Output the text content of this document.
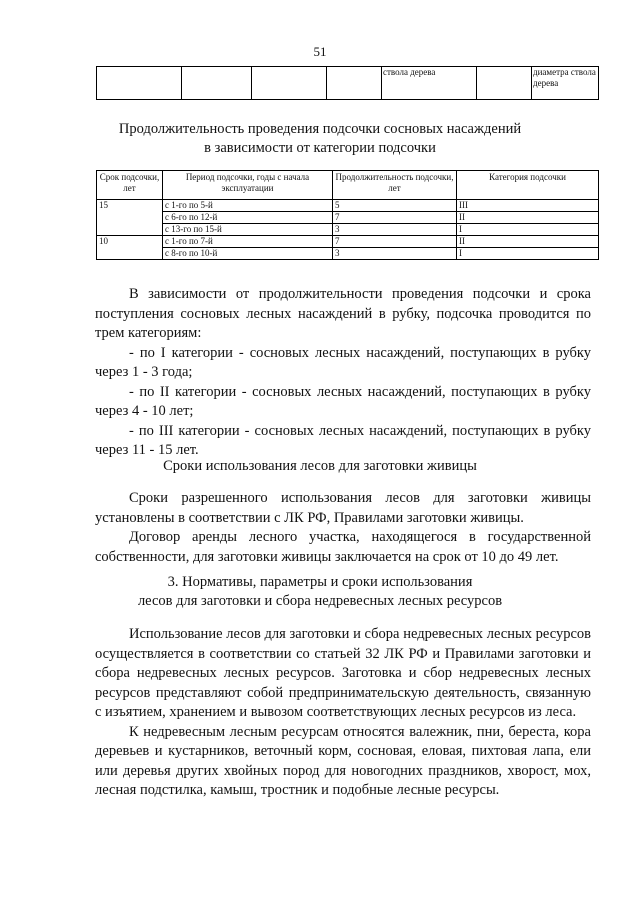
51
				ствола дерева		диаметра ствола дерева
Продолжительность проведения подсочки сосновых насаждений
в зависимости от категории подсочки
Срок подсочки, лет	Период подсочки, годы с начала эксплуатации	Продолжительность подсочки, лет	Категория подсочки
15	с 1-го по 5-й	5	III
	с 6-го по 12-й	7	II
	с 13-го по 15-й	3	I
10	с 1-го по 7-й	7	II
	с 8-го по 10-й	3	I

В зависимости от продолжительности проведения подсочки и срока поступления сосновых лесных насаждений в рубку, подсочка проводится по трем категориям:

- по I категории - сосновых лесных насаждений, поступающих в рубку через 1 - 3 года;

- по II категории - сосновых лесных насаждений, поступающих в рубку через 4 - 10 лет;

- по III категории - сосновых лесных насаждений, поступающих в рубку через 11 - 15 лет.

Сроки использования лесов для заготовки живицы

Сроки разрешенного использования лесов для заготовки живицы установлены в соответствии с ЛК РФ, Правилами заготовки живицы.

Договор аренды лесного участка, находящегося в государственной собственности, для заготовки живицы заключается на срок от 10 до 49 лет.

3. Нормативы, параметры и сроки использования
лесов для заготовки и сбора недревесных лесных ресурсов

Использование лесов для заготовки и сбора недревесных лесных ресурсов осуществляется в соответствии со статьей 32 ЛК РФ и Правилами заготовки и сбора недревесных лесных ресурсов. Заготовка и сбор недревесных лесных ресурсов представляют собой предпринимательскую деятельность, связанную с изъятием, хранением и вывозом соответствующих лесных ресурсов из леса.

К недревесным лесным ресурсам относятся валежник, пни, береста, кора деревьев и кустарников, веточный корм, сосновая, еловая, пихтовая лапа, ели или деревья других хвойных пород для новогодних праздников, хворост, мох, лесная подстилка, камыш, тростник и подобные лесные ресурсы.
